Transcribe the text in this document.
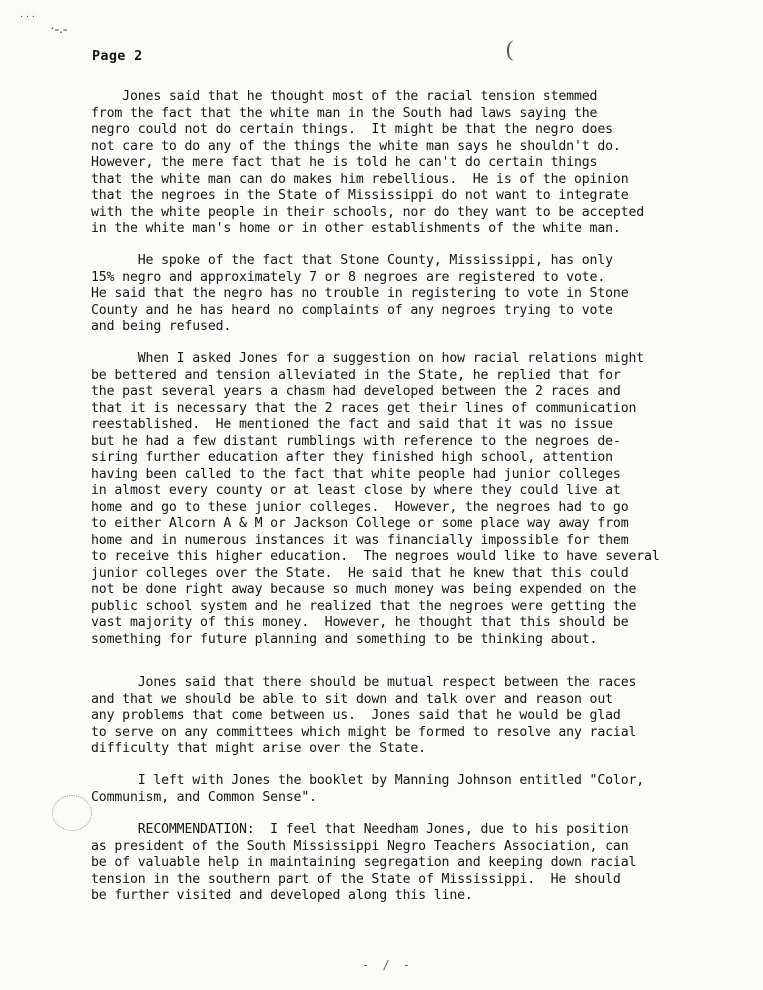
·-.-
· · ·
(
Page 2
Jones said that he thought most of the racial tension stemmed
from the fact that the white man in the South had laws saying the
negro could not do certain things.  It might be that the negro does
not care to do any of the things the white man says he shouldn't do.
However, the mere fact that he is told he can't do certain things
that the white man can do makes him rebellious.  He is of the opinion
that the negroes in the State of Mississippi do not want to integrate
with the white people in their schools, nor do they want to be accepted
in the white man's home or in other establishments of the white man.
He spoke of the fact that Stone County, Mississippi, has only
15% negro and approximately 7 or 8 negroes are registered to vote.
He said that the negro has no trouble in registering to vote in Stone
County and he has heard no complaints of any negroes trying to vote
and being refused.
When I asked Jones for a suggestion on how racial relations might
be bettered and tension alleviated in the State, he replied that for
the past several years a chasm had developed between the 2 races and
that it is necessary that the 2 races get their lines of communication
reestablished.  He mentioned the fact and said that it was no issue
but he had a few distant rumblings with reference to the negroes de-
siring further education after they finished high school, attention
having been called to the fact that white people had junior colleges
in almost every county or at least close by where they could live at
home and go to these junior colleges.  However, the negroes had to go
to either Alcorn A & M or Jackson College or some place way away from
home and in numerous instances it was financially impossible for them
to receive this higher education.  The negroes would like to have several
junior colleges over the State.  He said that he knew that this could
not be done right away because so much money was being expended on the
public school system and he realized that the negroes were getting the
vast majority of this money.  However, he thought that this should be
something for future planning and something to be thinking about.
Jones said that there should be mutual respect between the races
and that we should be able to sit down and talk over and reason out
any problems that come between us.  Jones said that he would be glad
to serve on any committees which might be formed to resolve any racial
difficulty that might arise over the State.
I left with Jones the booklet by Manning Johnson entitled "Color,
Communism, and Common Sense".
RECOMMENDATION:  I feel that Needham Jones, due to his position
as president of the South Mississippi Negro Teachers Association, can
be of valuable help in maintaining segregation and keeping down racial
tension in the southern part of the State of Mississippi.  He should
be further visited and developed along this line.
- / -
